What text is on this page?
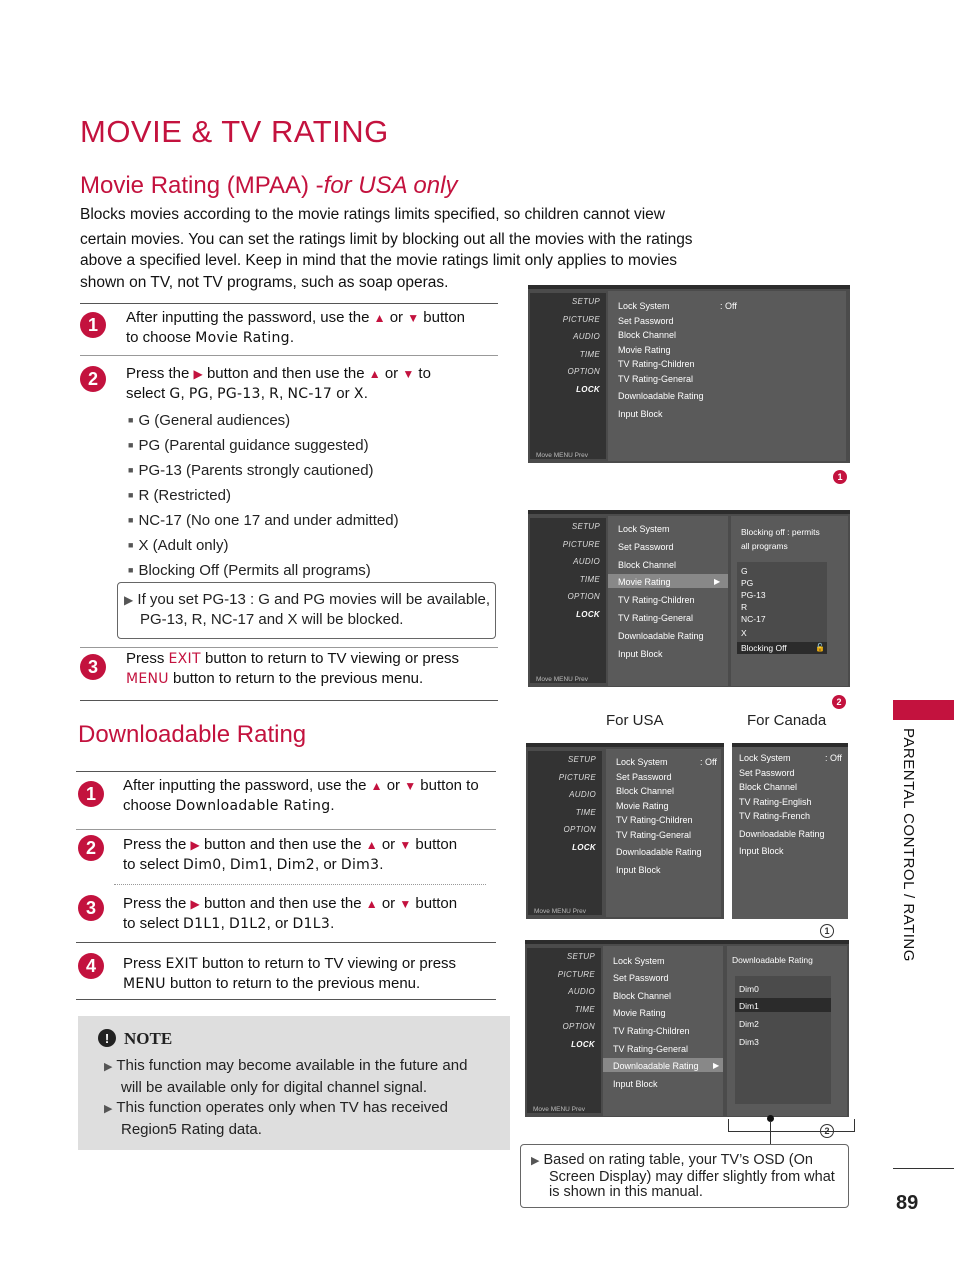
MOVIE & TV RATING
Movie Rating (MPAA) -for USA only
Blocks movies according to the movie ratings limits specified, so children cannot view
certain movies. You can set the ratings limit by blocking out all the movies with the ratings
above a specified level. Keep in mind that the movie ratings limit only applies to movies
shown on TV, not TV programs, such as soap operas.
1	After inputting the password, use the ▲ or ▼ button
to choose Movie Rating.
2	Press the ▶ button and then use the ▲ or ▼ to
select G, PG, PG-13, R, NC-17 or X.
■ G (General audiences)
■ PG (Parental guidance suggested)
■ PG-13 (Parents strongly cautioned)
■ R (Restricted)
■ NC-17 (No one 17 and under admitted)
■ X (Adult only)
■ Blocking Off (Permits all programs)
▶ If you set PG-13 : G and PG movies will be available,
PG-13, R, NC-17 and X will be blocked.
3	Press EXIT button to return to TV viewing or press
MENU button to return to the previous menu.
Downloadable Rating
1	After inputting the password, use the ▲ or ▼ button to
choose Downloadable Rating.
2	Press the ▶ button and then use the ▲ or ▼ button
to select Dim0, Dim1, Dim2, or Dim3.
3	Press the ▶ button and then use the ▲ or ▼ button
to select D1L1, D1L2, or D1L3.
4	Press EXIT button to return to TV viewing or press
MENU button to return to the previous menu.
! NOTE
▶ This function may become available in the future and
will be available only for digital channel signal.
▶ This function operates only when TV has received
Region5 Rating data.
SETUP
PICTURE
AUDIO
TIME
OPTION
LOCK
Move MENU Prev
Lock System	: Off
Set Password
Block Channel
Movie Rating
TV Rating-Children
TV Rating-General
Downloadable Rating
Input Block
1
SETUP
PICTURE
AUDIO
TIME
OPTION
LOCK
Move MENU Prev
Lock System
Set Password
Block Channel
Movie Rating	▶
TV Rating-Children
TV Rating-General
Downloadable Rating
Input Block
Blocking off : permits
all programs
G
PG
PG-13
R
NC-17
X
Blocking Off	🔓
2
For USA	For Canada
SETUP
PICTURE
AUDIO
TIME
OPTION
LOCK
Move MENU Prev
Lock System	: Off
Set Password
Block Channel
Movie Rating
TV Rating-Children
TV Rating-General
Downloadable Rating
Input Block
Lock System	: Off
Set Password
Block Channel
TV Rating-English
TV Rating-French
Downloadable Rating
Input Block
1
SETUP
PICTURE
AUDIO
TIME
OPTION
LOCK
Move MENU Prev
Lock System
Set Password
Block Channel
Movie Rating
TV Rating-Children
TV Rating-General
Downloadable Rating ▶
Input Block
Downloadable Rating
Dim0
Dim1
Dim2
Dim3
2
▶ Based on rating table, your TV’s OSD (On
Screen Display) may differ slightly from what
is shown in this manual.
PARENTAL CONTROL / RATING
89
